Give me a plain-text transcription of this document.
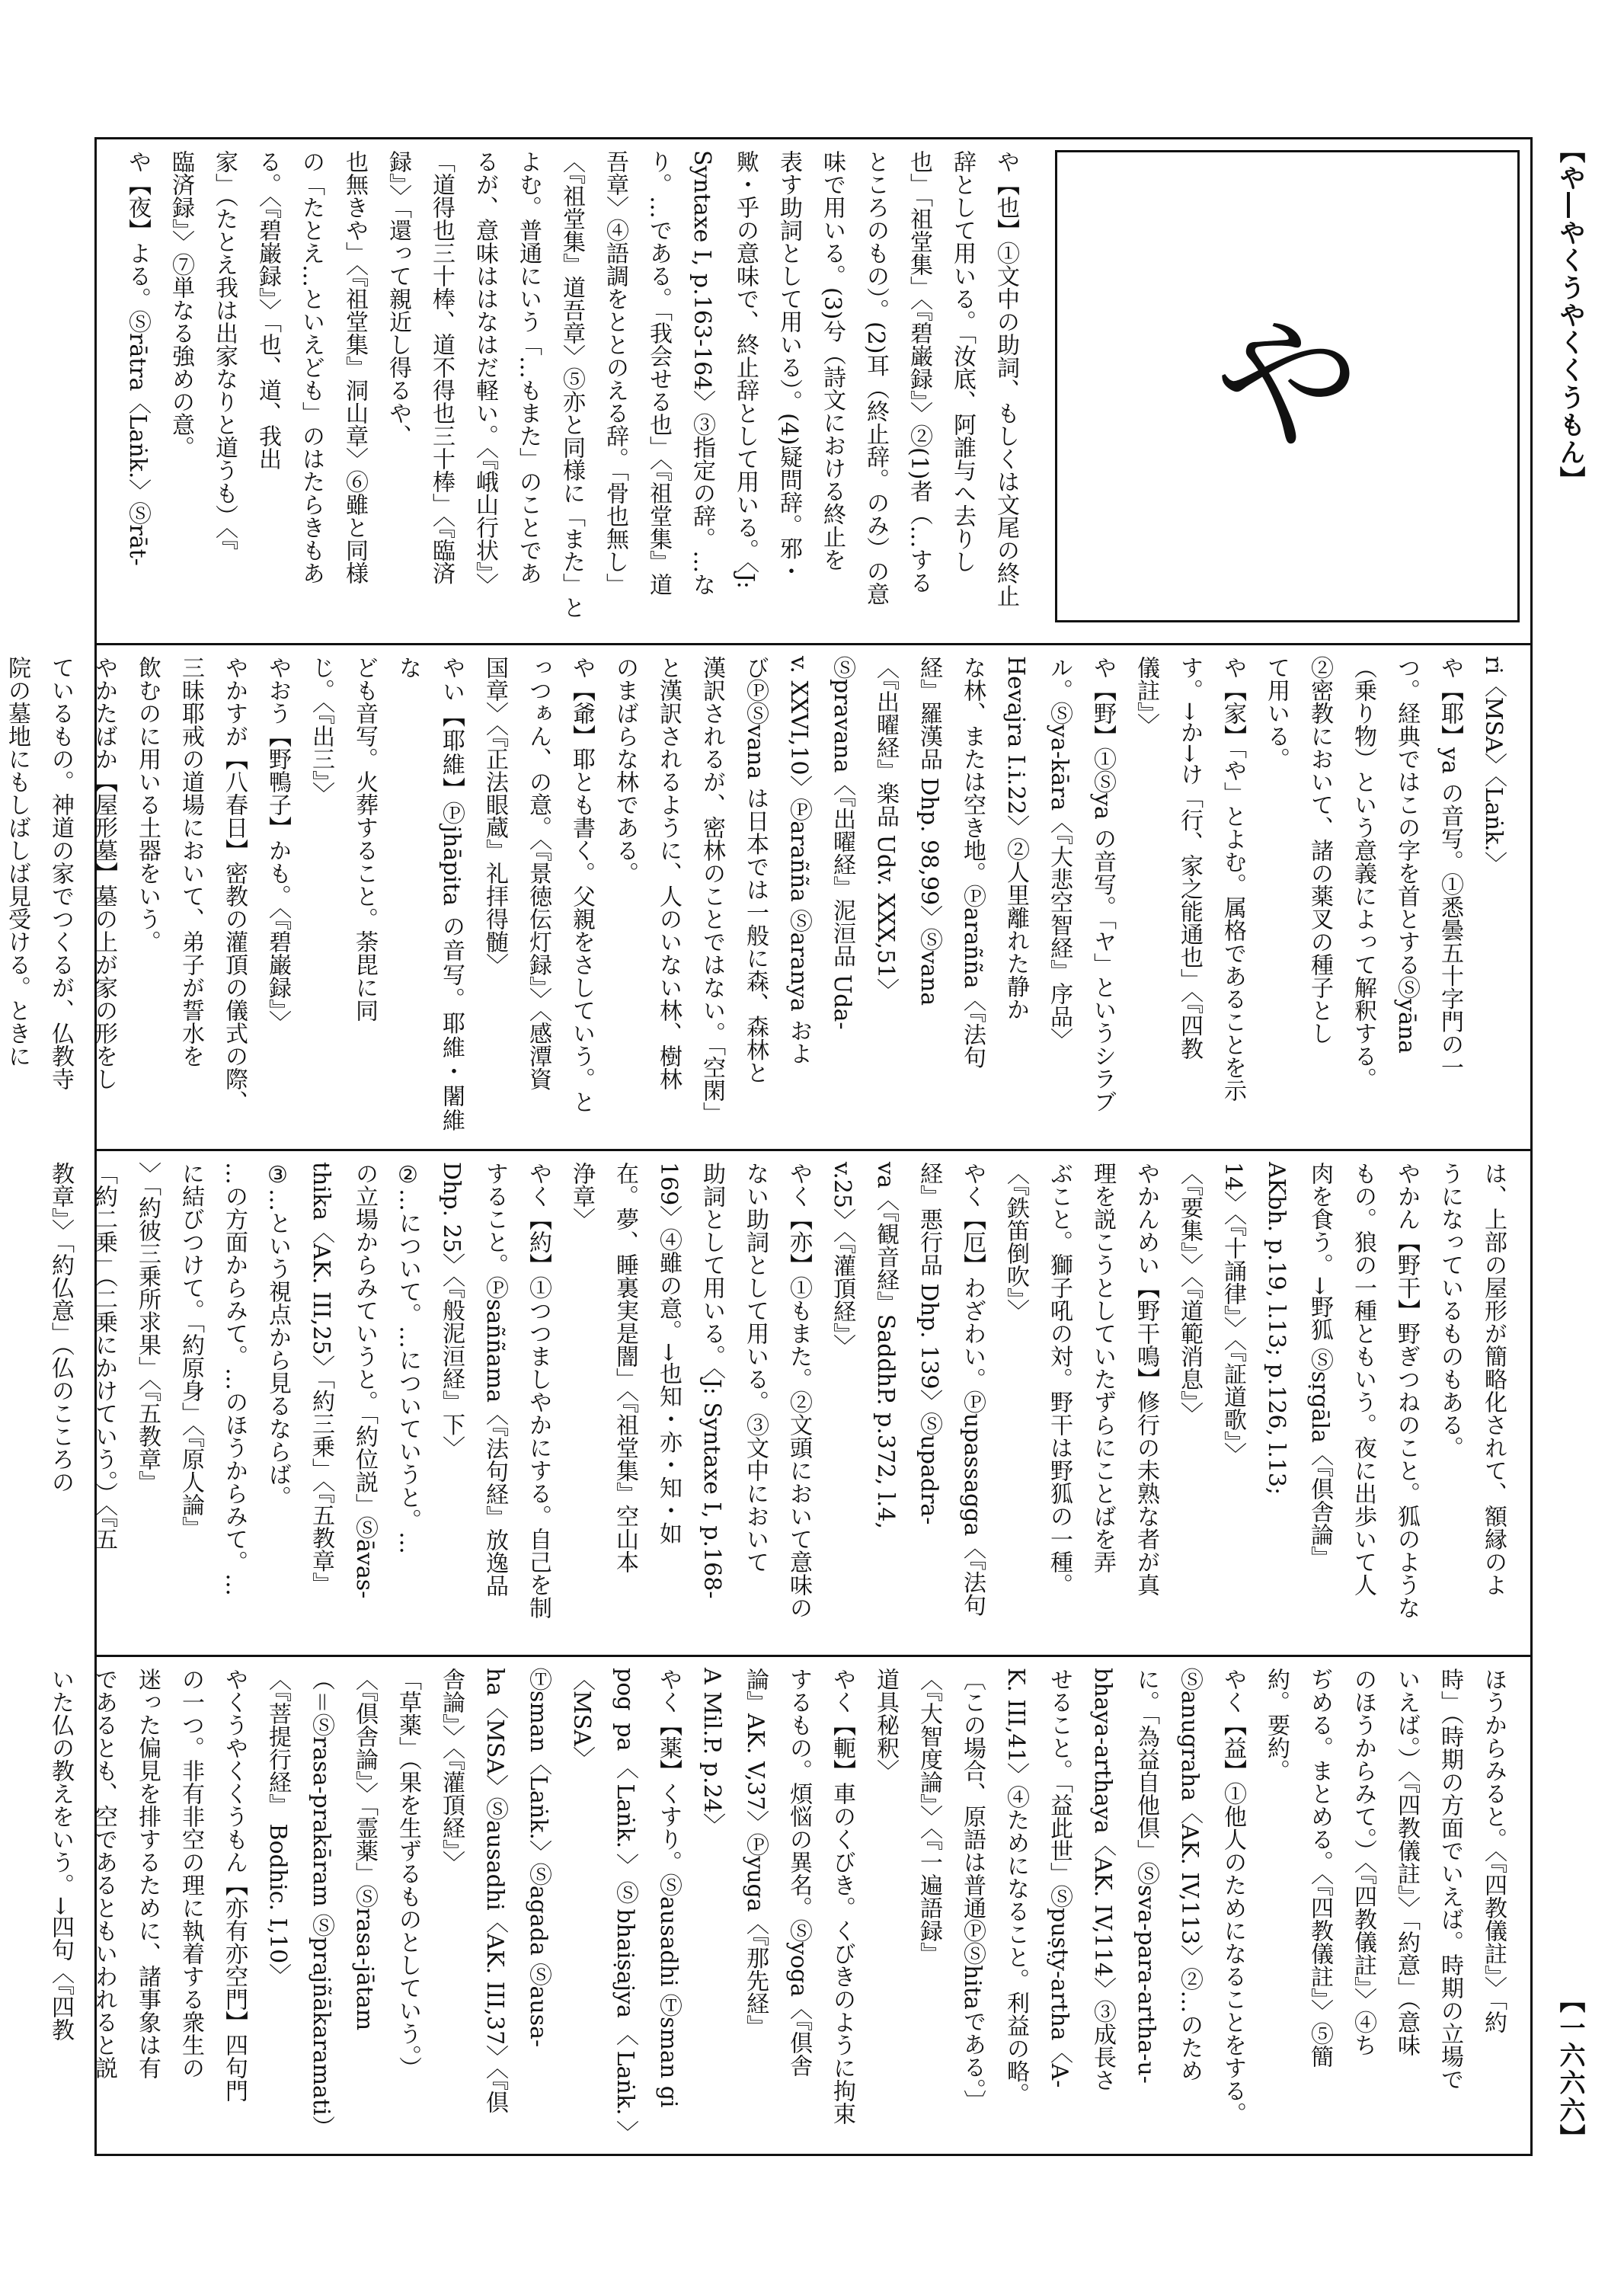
【や―やくうやくくうもん】
や
や【也】①文中の助詞、もしくは文尾の終止
辞として用いる。「汝底、阿誰与へ去りし
也」「祖堂集」〈『碧巌録』〉②(1)者（…する
ところのもの）。(2)耳（終止辞。のみ）の意
味で用いる。(3)兮（詩文における終止を
表す助詞として用いる）。(4)疑問辞。邪・
歟・乎の意味で、終止辞として用いる。〈J:
Syntaxe I, p.163-164〉③指定の辞。…な
り。…である。「我会せる也」〈『祖堂集』道
吾章〉④語調をととのえる辞。「骨也無し」
〈『祖堂集』道吾章〉⑤亦と同様に「また」と
よむ。普通にいう「…もまた」のことであ
るが、意味ははなはだ軽い。〈『峨山行状』〉
「道得也三十棒、道不得也三十棒」〈『臨済
録』〉「還って親近し得るや、
也無きや」〈『祖堂集』洞山章〉⑥雖と同様
の「たとえ…といえども」のはたらきもあ
る。〈『碧巌録』〉「也、道、我出
家」（たとえ我は出家なりと道うも）〈『
臨済録』〉⑦単なる強めの意。
や【夜】よる。Ⓢrātra〈Laṅk.〉Ⓢrāt-
ri〈MSA〉〈Laṅk.〉
や【耶】ya の音写。①悉曇五十字門の一
つ。経典ではこの字を首とするⓈyāna
（乗り物）という意義によって解釈する。
②密教において、諸の薬叉の種子とし
て用いる。
や【家】「や」とよむ。属格であることを示
す。→か→け「行、家之能通也」〈『四教
儀註』〉
や【野】①Ⓢya の音写。「ヤ」というシラブ
ル。Ⓢya-kāra〈『大悲空智経』序品〉
Hevajra I.i.22〉②人里離れた静か
な林、または空き地。Ⓟarañña〈『法句
経』羅漢品 Dhp. 98,99〉Ⓢvana
〈『出曜経』楽品 Udv. XXX,51〉
Ⓢpravana〈『出曜経』泥洹品 Uda-
v. XXVI,10〉Ⓟarañña Ⓢaranya およ
びⓅⓈvana は日本では一般に森、森林と
漢訳されるが、密林のことではない。「空閑」
と漢訳されるように、人のいない林、樹林
のまばらな林である。
や【爺】耶とも書く。父親をさしていう。と
っつぁん、の意。〈『景徳伝灯録』〉〈感潭資
国章〉〈『正法眼蔵』礼拝得髄〉
やい【耶維】Ⓟjhāpita の音写。耶維・闍維な
ども音写。火葬すること。荼毘に同
じ。〈『出三』〉
やおう【野鴨子】かも。〈『碧巌録』〉
やかすが【八春日】密教の灌頂の儀式の際、
三昧耶戒の道場において、弟子が誓水を
飲むのに用いる土器をいう。
やかたばか【屋形墓】墓の上が家の形をし
ているもの。神道の家でつくるが、仏教寺
院の墓地にもしばしば見受ける。ときに
は、上部の屋形が簡略化されて、額縁のよ
うになっているものもある。
やかん【野干】野ぎつねのこと。狐のような
もの。狼の一種ともいう。夜に出歩いて人
肉を食う。→野狐 Ⓢsṛgāla〈『倶舎論』
AKbh. p.19, l.13; p.126, l.13;
14〉〈『十誦律』〉〈『証道歌』〉
〈『要集』〉〈『道範消息』〉
やかんめい【野干鳴】修行の未熟な者が真
理を説こうとしていたずらにことばを弄
ぶこと。獅子吼の対。野干は野狐の一種。
〈『鉄笛倒吹』〉
やく【厄】わざわい。Ⓟupassagga〈『法句
経』悪行品 Dhp. 139〉Ⓢupadra-
va〈『観音経』SaddhP. p.372, l.4,
v.25〉〈『灌頂経』〉
やく【亦】①もまた。②文頭において意味の
ない助詞として用いる。③文中において
助詞として用いる。〈J: Syntaxe I, p.168-
169〉④雖の意。→也知・亦・知・如
在。夢、睡裏実是闇」〈『祖堂集』空山本
浄章〉
やく【約】①つつましやかにする。自己を制
すること。Ⓟsaññama〈『法句経』放逸品
Dhp. 25〉〈『般泥洹経』下〉
②…について。…についていうと。…
の立場からみていうと。「約位説」Ⓢāvas-
thika〈AK. III,25〉「約三乗」〈『五教章』
③…という視点から見るならば。
…の方面からみて。…のほうからみて。…
に結びつけて。「約原身」〈『原人論』
〉「約彼三乗所求果」〈『五教章』
「約二乗」（二乗にかけていう。）〈『五
教章』〉「約仏意」（仏のこころの
ほうからみると。〈『四教儀註』〉「約
時」（時期の方面でいえば。時期の立場で
いえば。）〈『四教儀註』〉「約意」（意味
のほうからみて。）〈『四教儀註』〉④ち
ぢめる。まとめる。〈『四教儀註』〉⑤簡
約。要約。
やく【益】①他人のためになることをする。
Ⓢanugraha〈AK. IV,113〉②…のため
に。「為益自他倶」Ⓢsva-para-artha-u-
bhaya-arthaya〈AK. IV,114〉③成長さ
せること。「益此世」Ⓢpuṣṭy-artha〈A-
K. III,41〉④ためになること。利益の略。
〔この場合、原語は普通ⓅⓈhitaである。〕
〈『大智度論』〉〈『一遍語録』
道具秘釈〉
やく【軛】車のくびき。くびきのように拘束
するもの。煩悩の異名。Ⓢyoga〈『倶舎
論』AK. V,37〉Ⓟyuga〈『那先経』
A Mil.P. p.24〉
やく【薬】くすり。Ⓢausadhi Ⓣsman gi
pog pa〈Laṅk.〉Ⓢbhaiṣajya〈Laṅk.〉〈MSA〉
Ⓣsman〈Laṅk.〉Ⓢagada Ⓢausa-
ha〈MSA〉Ⓢausadhi〈AK. III,37〉〈『倶
舎論』〉〈『灌頂経』〉
「草薬」（果を生ずるものとしていう。）
〈『倶舎論』〉「霊薬」Ⓢrasa-jātam
（＝Ⓢrasa-prakāram Ⓢprajñākaramati）
〈『菩提行経』 Bodhic. I,10〉
やくうやくくうもん【亦有亦空門】四句門
の一つ。非有非空の理に執着する衆生の
迷った偏見を排するために、諸事象は有
であるとも、空であるともいわれると説
いた仏の教えをいう。→四句〈『四教
【一六六六】
